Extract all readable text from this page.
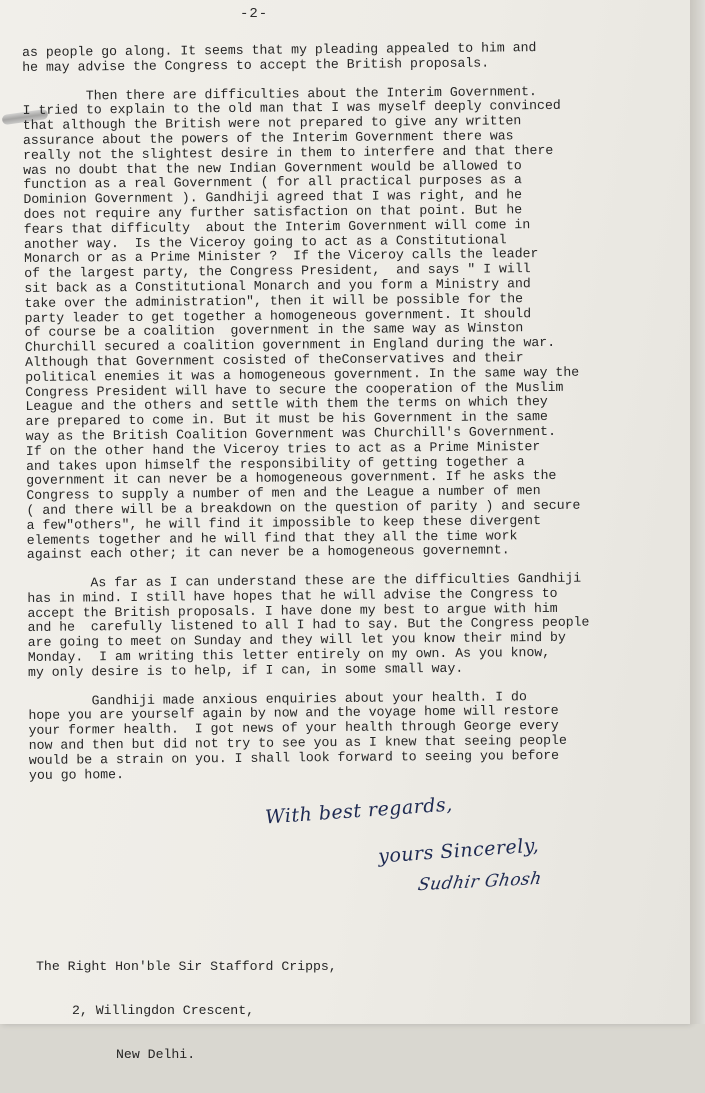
-2-
as people go along. It seems that my pleading appealed to him and
he may advise the Congress to accept the British proposals.
Then there are difficulties about the Interim Government.
I tried to explain to the old man that I was myself deeply convinced
that although the British were not prepared to give any written
assurance about the powers of the Interim Government there was
really not the slightest desire in them to interfere and that there
was no doubt that the new Indian Government would be allowed to
function as a real Government ( for all practical purposes as a
Dominion Government ). Gandhiji agreed that I was right, and he
does not require any further satisfaction on that point. But he
fears that difficulty  about the Interim Government will come in
another way.  Is the Viceroy going to act as a Constitutional
Monarch or as a Prime Minister ?  If the Viceroy calls the leader
of the largest party, the Congress President,  and says " I will
sit back as a Constitutional Monarch and you form a Ministry and
take over the administration", then it will be possible for the
party leader to get together a homogeneous government. It should
of course be a coalition  government in the same way as Winston
Churchill secured a coalition government in England during the war.
Although that Government cosisted of theConservatives and their
political enemies it was a homogeneous government. In the same way the
Congress President will have to secure the cooperation of the Muslim
League and the others and settle with them the terms on which they
are prepared to come in. But it must be his Government in the same
way as the British Coalition Government was Churchill's Government.
If on the other hand the Viceroy tries to act as a Prime Minister
and takes upon himself the responsibility of getting together a
government it can never be a homogeneous government. If he asks the
Congress to supply a number of men and the League a number of men
( and there will be a breakdown on the question of parity ) and secure
a few"others", he will find it impossible to keep these divergent
elements together and he will find that they all the time work
against each other; it can never be a homogeneous governemnt.
As far as I can understand these are the difficulties Gandhiji
has in mind. I still have hopes that he will advise the Congress to
accept the British proposals. I have done my best to argue with him
and he  carefully listened to all I had to say. But the Congress people
are going to meet on Sunday and they will let you know their mind by
Monday.  I am writing this letter entirely on my own. As you know,
my only desire is to help, if I can, in some small way.
Gandhiji made anxious enquiries about your health. I do
hope you are yourself again by now and the voyage home will restore
your former health.  I got news of your health through George every
now and then but did not try to see you as I knew that seeing people
would be a strain on you. I shall look forward to seeing you before
you go home.
With best regards,
yours Sincerely,
Sudhir Ghosh

The Right Hon'ble Sir Stafford Cripps,

2, Willingdon Crescent,

New Delhi.
